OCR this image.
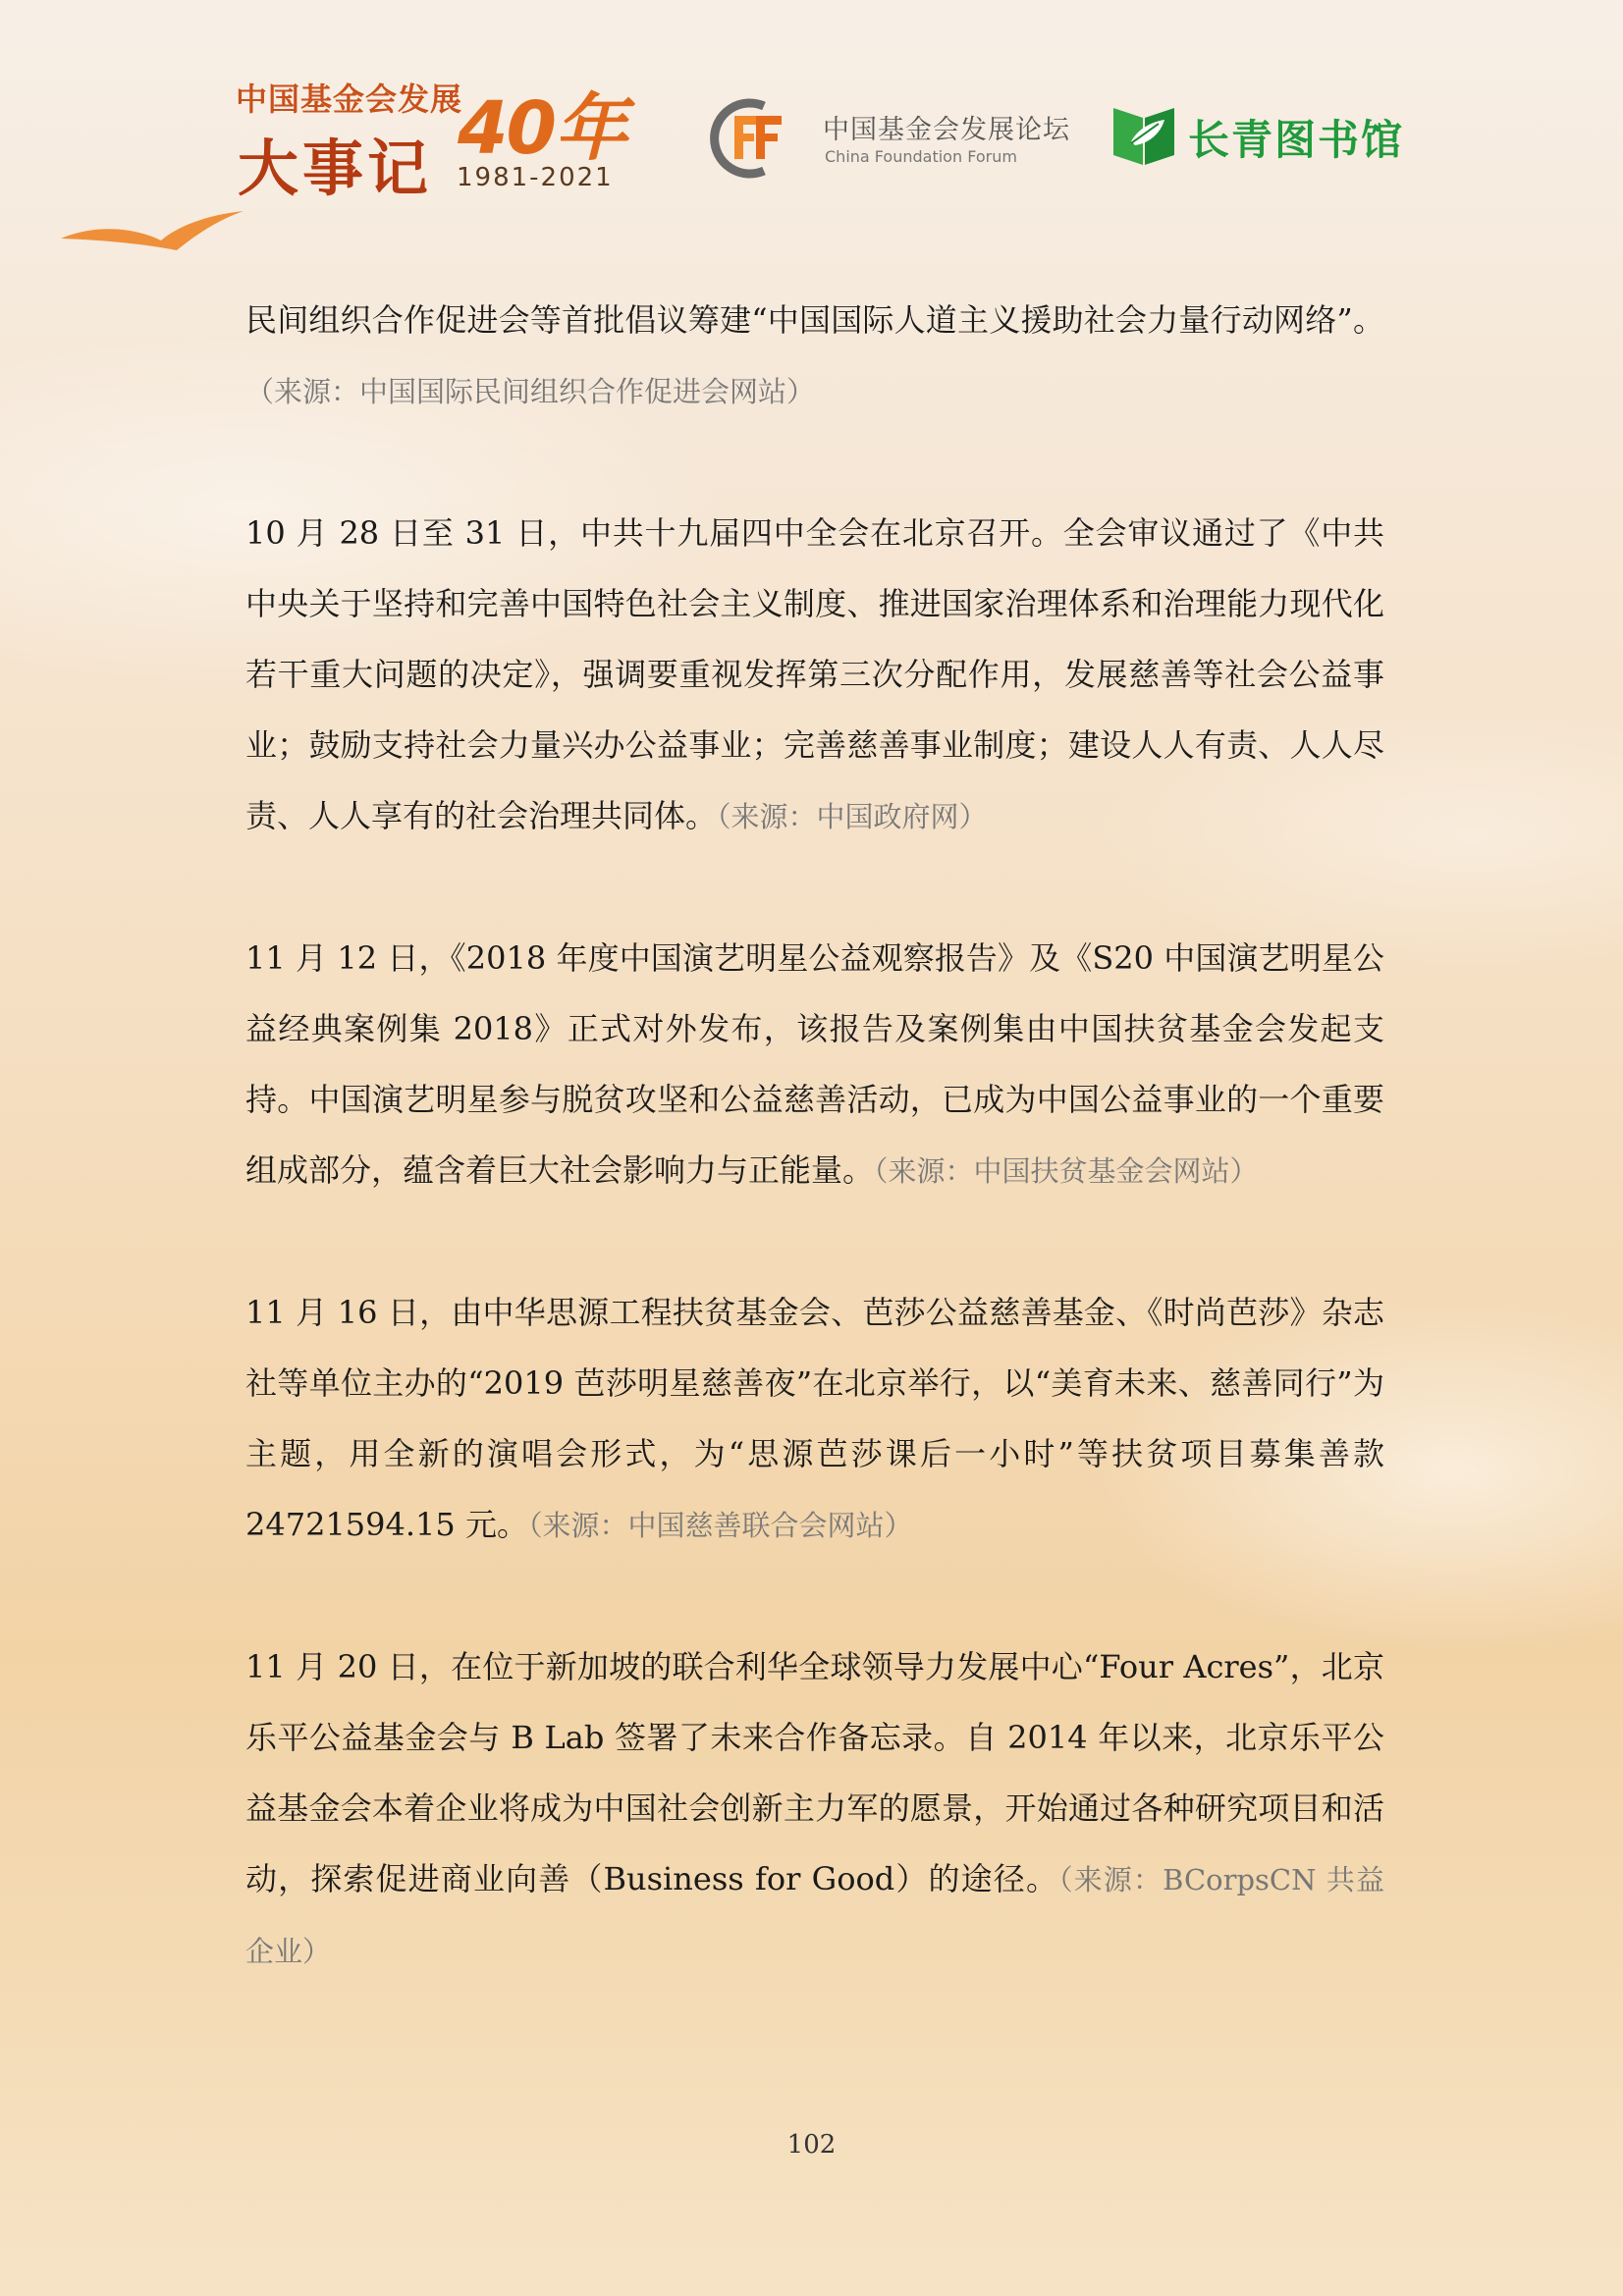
中国基金会发展
大事记 40年
1981-2021
中国基金会发展论坛
China Foundation Forum	长青图书馆

民间组织合作促进会等首批倡议筹建“中国国际人道主义援助社会力量行动网络”。（来源：中国国际民间组织合作促进会网站）

10 月 28 日至 31 日，中共十九届四中全会在北京召开。全会审议通过了《中共中央关于坚持和完善中国特色社会主义制度、推进国家治理体系和治理能力现代化若干重大问题的决定》，强调要重视发挥第三次分配作用，发展慈善等社会公益事业；鼓励支持社会力量兴办公益事业；完善慈善事业制度；建设人人有责、人人尽责、人人享有的社会治理共同体。（来源：中国政府网）

11 月 12 日，《2018 年度中国演艺明星公益观察报告》及《S20 中国演艺明星公益经典案例集 2018》正式对外发布，该报告及案例集由中国扶贫基金会发起支持。中国演艺明星参与脱贫攻坚和公益慈善活动，已成为中国公益事业的一个重要组成部分，蕴含着巨大社会影响力与正能量。（来源：中国扶贫基金会网站）

11 月 16 日，由中华思源工程扶贫基金会、芭莎公益慈善基金、《时尚芭莎》杂志社等单位主办的“2019 芭莎明星慈善夜”在北京举行，以“美育未来、慈善同行”为主题，用全新的演唱会形式，为“思源芭莎课后一小时”等扶贫项目募集善款 24721594.15 元。（来源：中国慈善联合会网站）

11 月 20 日，在位于新加坡的联合利华全球领导力发展中心“Four Acres”，北京乐平公益基金会与 B Lab 签署了未来合作备忘录。自 2014 年以来，北京乐平公益基金会本着企业将成为中国社会创新主力军的愿景，开始通过各种研究项目和活动，探索促进商业向善（Business for Good）的途径。（来源：BCorpsCN 共益企业）

102
